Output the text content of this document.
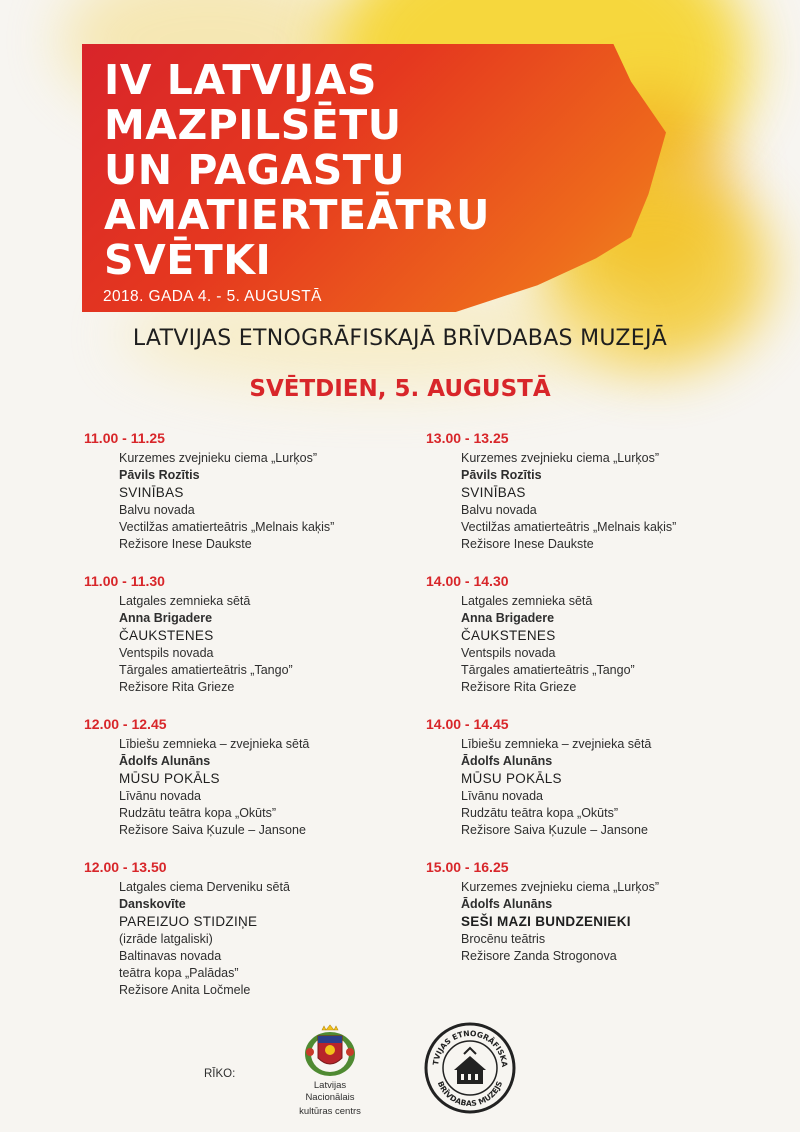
IV LATVIJAS
MAZPILSĒTU
UN PAGASTU
AMATIERTEĀTRU
SVĒTKI
2018. GADA 4. - 5. AUGUSTĀ
LATVIJAS ETNOGRĀFISKAJĀ BRĪVDABAS MUZEJĀ
SVĒTDIEN, 5. AUGUSTĀ
11.00 - 11.25
Kurzemes zvejnieku ciema „Lurķos”
Pāvils Rozītis
SVINĪBAS
Balvu novada
Vectilžas amatierteātris „Melnais kaķis”
Režisore Inese Daukste
11.00 - 11.30
Latgales zemnieka sētā
Anna Brigadere
ČAUKSTENES
Ventspils novada
Tārgales amatierteātris „Tango”
Režisore Rita Grieze
12.00 - 12.45
Lībiešu zemnieka – zvejnieka sētā
Ādolfs Alunāns
MŪSU POKĀLS
Līvānu novada
Rudzātu teātra kopa „Okūts”
Režisore Saiva Ķuzule – Jansone
12.00 - 13.50
Latgales ciema Derveniku sētā
Danskovīte
PAREIZUO STIDZIŅE
(izrāde latgaliski)
Baltinavas novada
teātra kopa „Palādas”
Režisore Anita Ločmele
13.00 - 13.25
Kurzemes zvejnieku ciema „Lurķos”
Pāvils Rozītis
SVINĪBAS
Balvu novada
Vectilžas amatierteātris „Melnais kaķis”
Režisore Inese Daukste
14.00 - 14.30
Latgales zemnieka sētā
Anna Brigadere
ČAUKSTENES
Ventspils novada
Tārgales amatierteātris „Tango”
Režisore Rita Grieze
14.00 - 14.45
Lībiešu zemnieka – zvejnieka sētā
Ādolfs Alunāns
MŪSU POKĀLS
Līvānu novada
Rudzātu teātra kopa „Okūts”
Režisore Saiva Ķuzule – Jansone
15.00 - 16.25
Kurzemes zvejnieku ciema „Lurķos”
Ādolfs Alunāns
SEŠI MAZI BUNDZENIEKI
Brocēnu teātris
Režisore Zanda Strogonova
RĪKO:
Latvijas Nacionālais
kultūras centrs
TVIJAS ETNOGRĀFISKA
BRĪVDABAS MUZEJS
